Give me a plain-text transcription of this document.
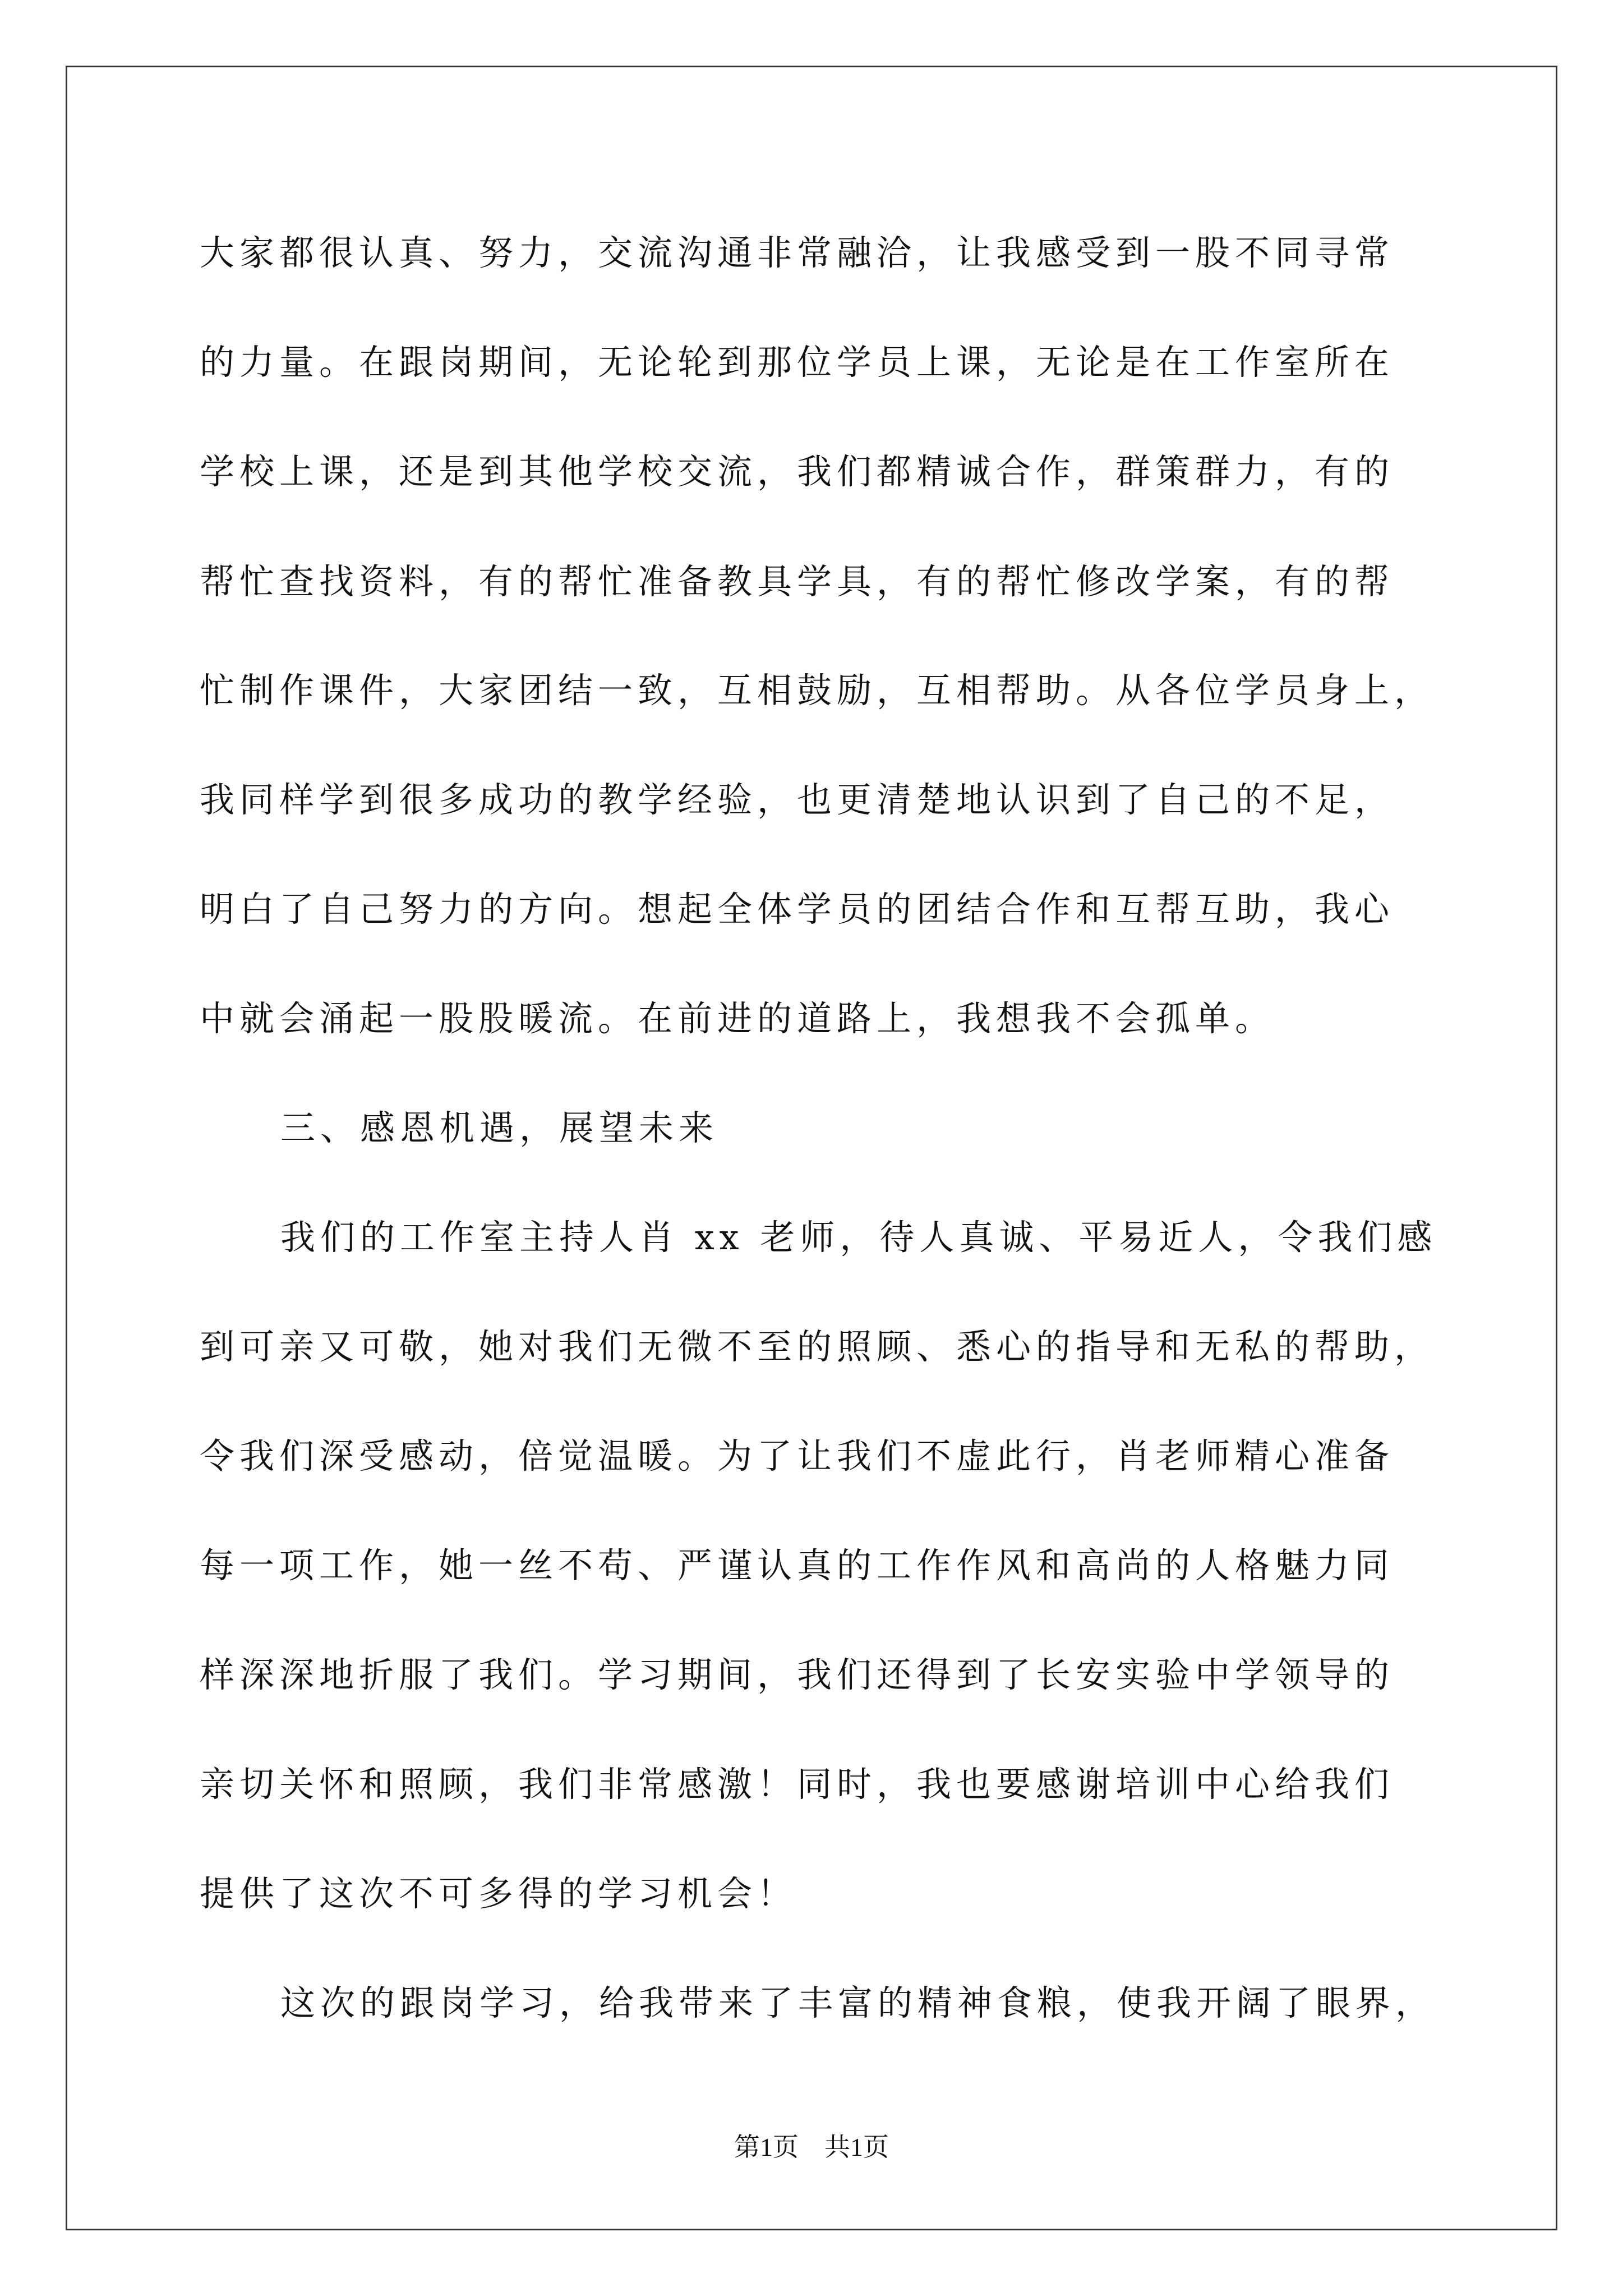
大家都很认真、努力，交流沟通非常融洽，让我感受到一股不同寻常
的力量。在跟岗期间，无论轮到那位学员上课，无论是在工作室所在
学校上课，还是到其他学校交流，我们都精诚合作，群策群力，有的
帮忙查找资料，有的帮忙准备教具学具，有的帮忙修改学案，有的帮
忙制作课件，大家团结一致，互相鼓励，互相帮助。从各位学员身上，
我同样学到很多成功的教学经验，也更清楚地认识到了自己的不足，
明白了自己努力的方向。想起全体学员的团结合作和互帮互助，我心
中就会涌起一股股暖流。在前进的道路上，我想我不会孤单。
三、感恩机遇，展望未来
我们的工作室主持人肖 xx 老师，待人真诚、平易近人，令我们感
到可亲又可敬，她对我们无微不至的照顾、悉心的指导和无私的帮助，
令我们深受感动，倍觉温暖。为了让我们不虚此行，肖老师精心准备
每一项工作，她一丝不苟、严谨认真的工作作风和高尚的人格魅力同
样深深地折服了我们。学习期间，我们还得到了长安实验中学领导的
亲切关怀和照顾，我们非常感激！同时，我也要感谢培训中心给我们
提供了这次不可多得的学习机会！
这次的跟岗学习，给我带来了丰富的精神食粮，使我开阔了眼界，
第1页 共1页
